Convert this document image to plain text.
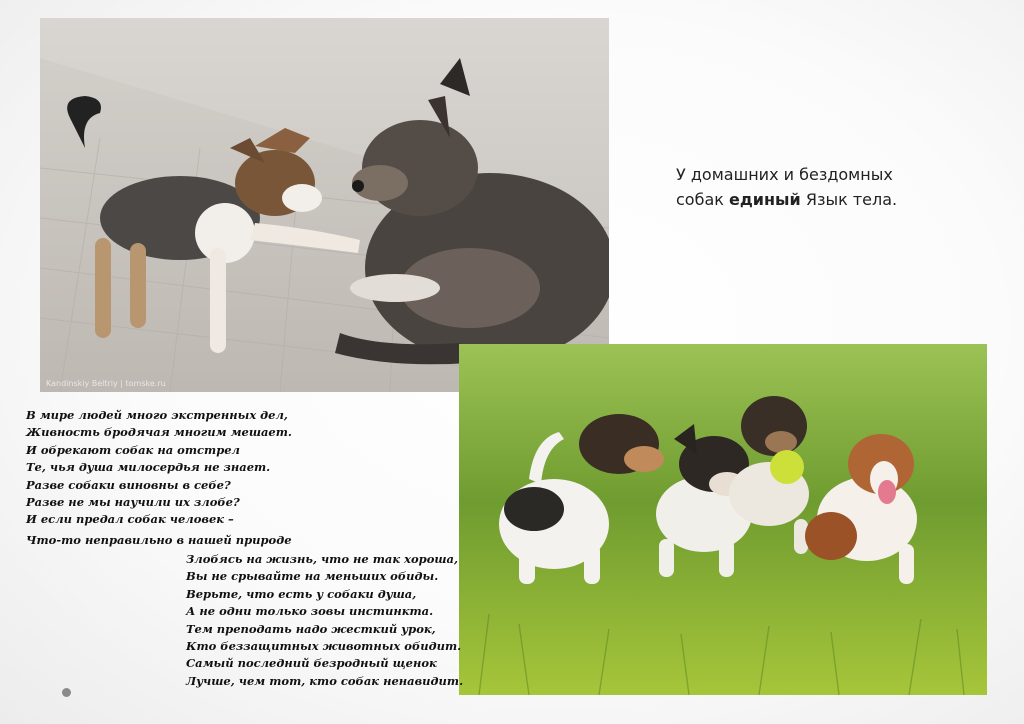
Kandinskiy Beltriy | tomske.ru
У домашних и бездомных
собак единый Язык тела.
В мире людей много экстренных дел,
Живность бродячая многим мешает.
И обрекают собак на отстрел
Те, чья душа милосердья не знает.
Разве собаки виновны в себе?
Разве не мы научили их злобе?
И если предал собак человек –
Что-то неправильно в нашей природе
Злобясь на жизнь, что не так хороша,
Вы не срывайте на меньших обиды.
Верьте, что есть у собаки душа,
А не одни только зовы инстинкта.
Тем преподать надо жесткий урок,
Кто беззащитных животных обидит.
Самый последний безродный щенок
Лучше, чем тот, кто собак ненавидит.
